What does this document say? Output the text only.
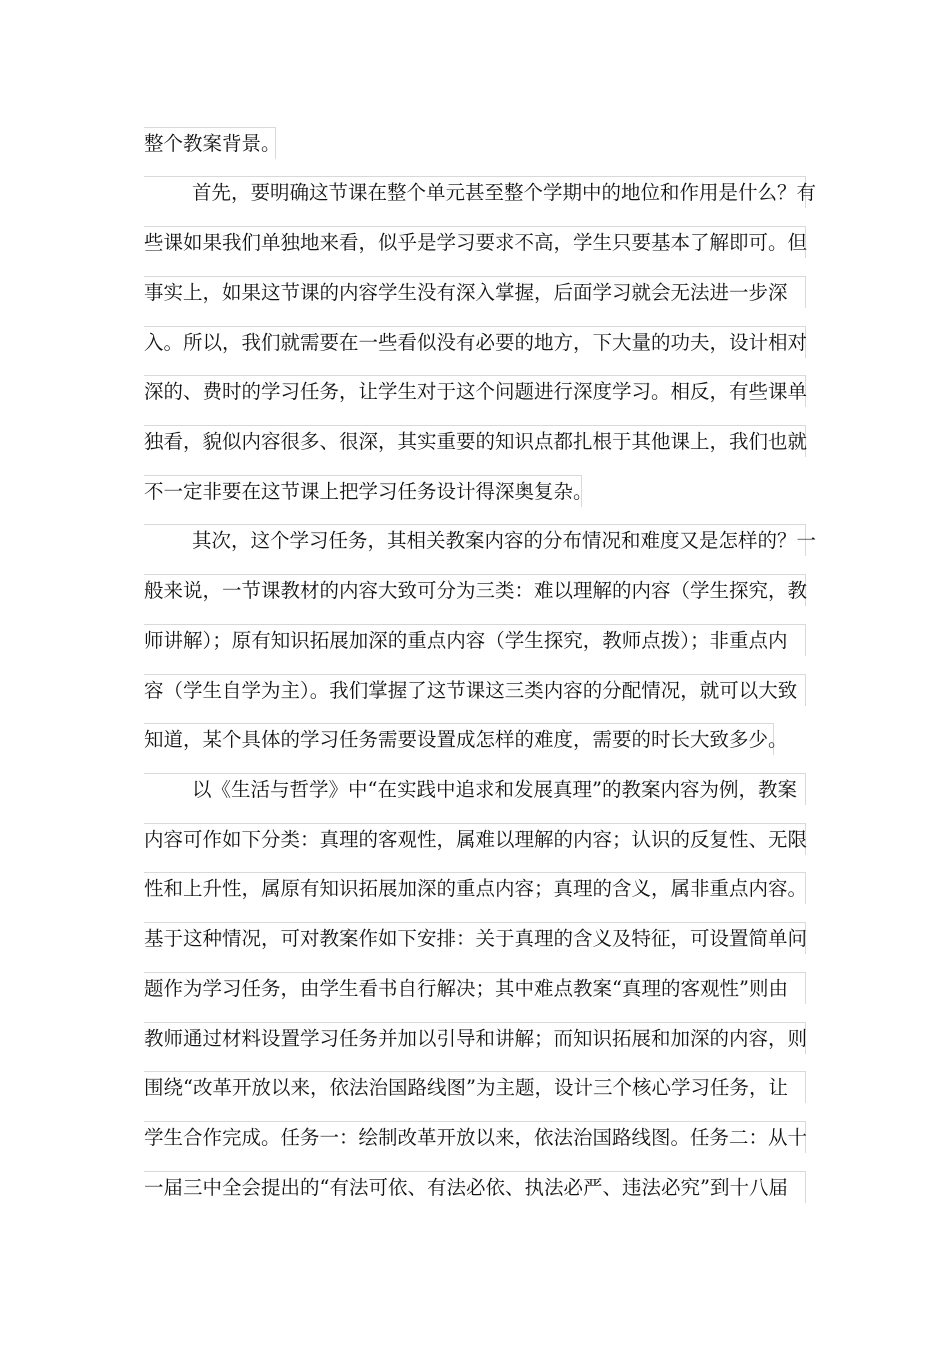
整个教案背景。
首先，要明确这节课在整个单元甚至整个学期中的地位和作用是什么？有
些课如果我们单独地来看，似乎是学习要求不高，学生只要基本了解即可。但
事实上，如果这节课的内容学生没有深入掌握，后面学习就会无法进一步深
入。所以，我们就需要在一些看似没有必要的地方，下大量的功夫，设计相对
深的、费时的学习任务，让学生对于这个问题进行深度学习。相反，有些课单
独看，貌似内容很多、很深，其实重要的知识点都扎根于其他课上，我们也就
不一定非要在这节课上把学习任务设计得深奥复杂。
其次，这个学习任务，其相关教案内容的分布情况和难度又是怎样的？一
般来说，一节课教材的内容大致可分为三类：难以理解的内容（学生探究，教
师讲解）；原有知识拓展加深的重点内容（学生探究，教师点拨）；非重点内
容（学生自学为主）。我们掌握了这节课这三类内容的分配情况，就可以大致
知道，某个具体的学习任务需要设置成怎样的难度，需要的时长大致多少。
以《生活与哲学》中“在实践中追求和发展真理”的教案内容为例，教案
内容可作如下分类：真理的客观性，属难以理解的内容；认识的反复性、无限
性和上升性，属原有知识拓展加深的重点内容；真理的含义，属非重点内容。
基于这种情况，可对教案作如下安排：关于真理的含义及特征，可设置简单问
题作为学习任务，由学生看书自行解决；其中难点教案“真理的客观性”则由
教师通过材料设置学习任务并加以引导和讲解；而知识拓展和加深的内容，则
围绕“改革开放以来，依法治国路线图”为主题，设计三个核心学习任务，让
学生合作完成。任务一：绘制改革开放以来，依法治国路线图。任务二：从十
一届三中全会提出的“有法可依、有法必依、执法必严、违法必究”到十八届
